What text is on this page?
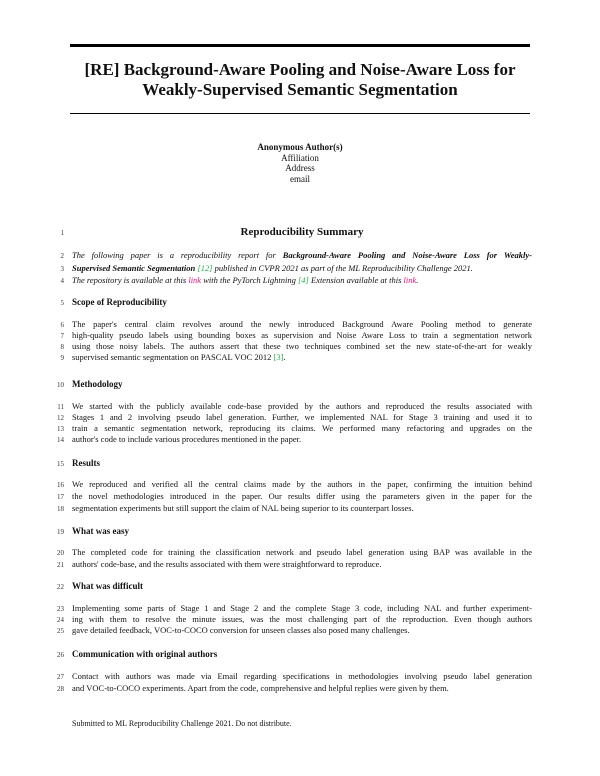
[RE] Background-Aware Pooling and Noise-Aware Loss for
Weakly-Supervised Semantic Segmentation
Anonymous Author(s)
Affiliation
Address
email
1
2
3
4
5
6
7
8
9
10
11
12
13
14
15
16
17
18
19
20
21
22
23
24
25
26
27
28
Reproducibility Summary
The following paper is a reproducibility report for Background-Aware Pooling and Noise-Aware Loss for Weakly-
Supervised Semantic Segmentation [12] published in CVPR 2021 as part of the ML Reproducibility Challenge 2021.
The repository is available at this link with the PyTorch Lightning [4] Extension available at this link.
Scope of Reproducibility
The paper's central claim revolves around the newly introduced Background Aware Pooling method to generate
high-quality pseudo labels using bounding boxes as supervision and Noise Aware Loss to train a segmentation network
using those noisy labels. The authors assert that these two techniques combined set the new state-of-the-art for weakly
supervised semantic segmentation on PASCAL VOC 2012 [3].
Methodology
We started with the publicly available code-base provided by the authors and reproduced the results associated with
Stages 1 and 2 involving pseudo label generation. Further, we implemented NAL for Stage 3 training and used it to
train a semantic segmentation network, reproducing its claims. We performed many refactoring and upgrades on the
author's code to include various procedures mentioned in the paper.
Results
We reproduced and verified all the central claims made by the authors in the paper, confirming the intuition behind
the novel methodologies introduced in the paper. Our results differ using the parameters given in the paper for the
segmentation experiments but still support the claim of NAL being superior to its counterpart losses.
What was easy
The completed code for training the classification network and pseudo label generation using BAP was available in the
authors' code-base, and the results associated with them were straightforward to reproduce.
What was difficult
Implementing some parts of Stage 1 and Stage 2 and the complete Stage 3 code, including NAL and further experiment-
ing with them to resolve the minute issues, was the most challenging part of the reproduction. Even though authors
gave detailed feedback, VOC-to-COCO conversion for unseen classes also posed many challenges.
Communication with original authors
Contact with authors was made via Email regarding specifications in methodologies involving pseudo label generation
and VOC-to-COCO experiments. Apart from the code, comprehensive and helpful replies were given by them.
Submitted to ML Reproducibility Challenge 2021. Do not distribute.
